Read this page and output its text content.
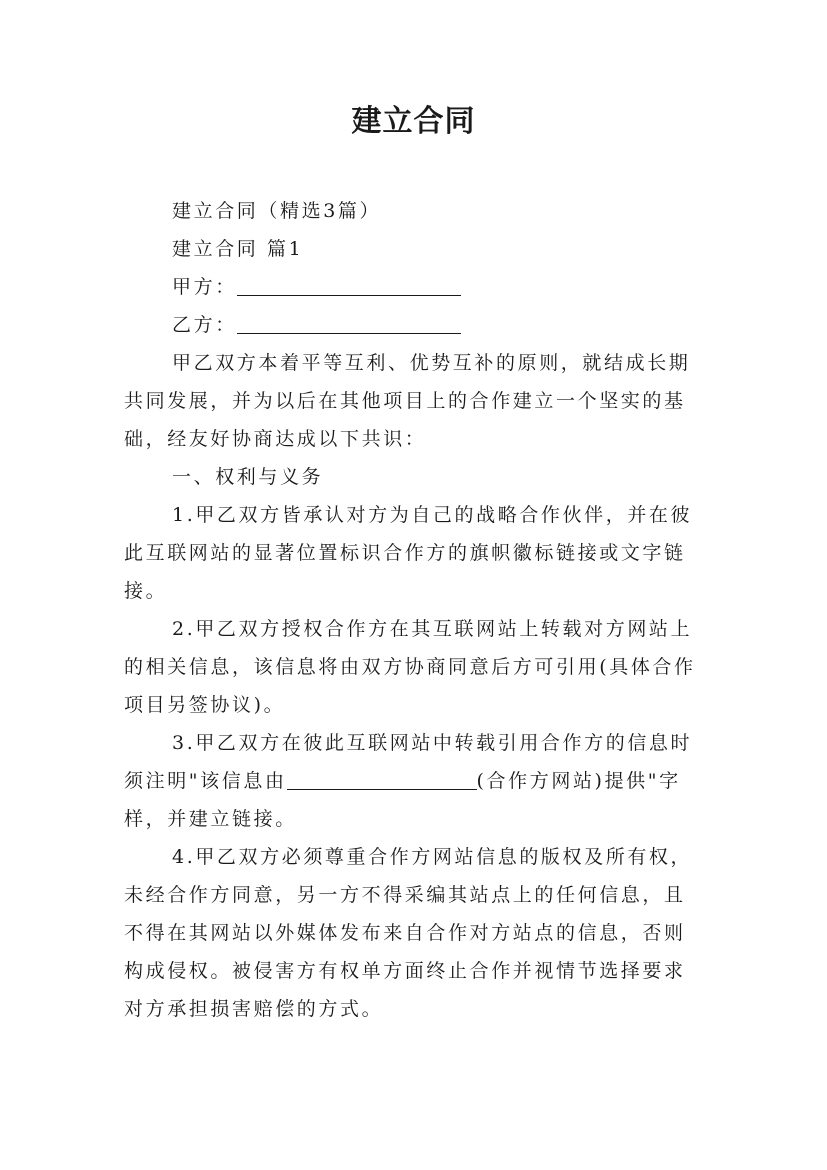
建立合同

建立合同（精选3篇）

建立合同 篇1

甲方：

乙方：

甲乙双方本着平等互利、优势互补的原则，就结成长期共同发展，并为以后在其他项目上的合作建立一个坚实的基础，经友好协商达成以下共识：

一、权利与义务

1.甲乙双方皆承认对方为自己的战略合作伙伴，并在彼此互联网站的显著位置标识合作方的旗帜徽标链接或文字链接。

2.甲乙双方授权合作方在其互联网站上转载对方网站上的相关信息，该信息将由双方协商同意后方可引用(具体合作项目另签协议)。

3.甲乙双方在彼此互联网站中转载引用合作方的信息时须注明"该信息由	(合作方网站)提供"字样，并建立链接。

4.甲乙双方必须尊重合作方网站信息的版权及所有权，未经合作方同意，另一方不得采编其站点上的任何信息，且不得在其网站以外媒体发布来自合作对方站点的信息，否则构成侵权。被侵害方有权单方面终止合作并视情节选择要求对方承担损害赔偿的方式。
